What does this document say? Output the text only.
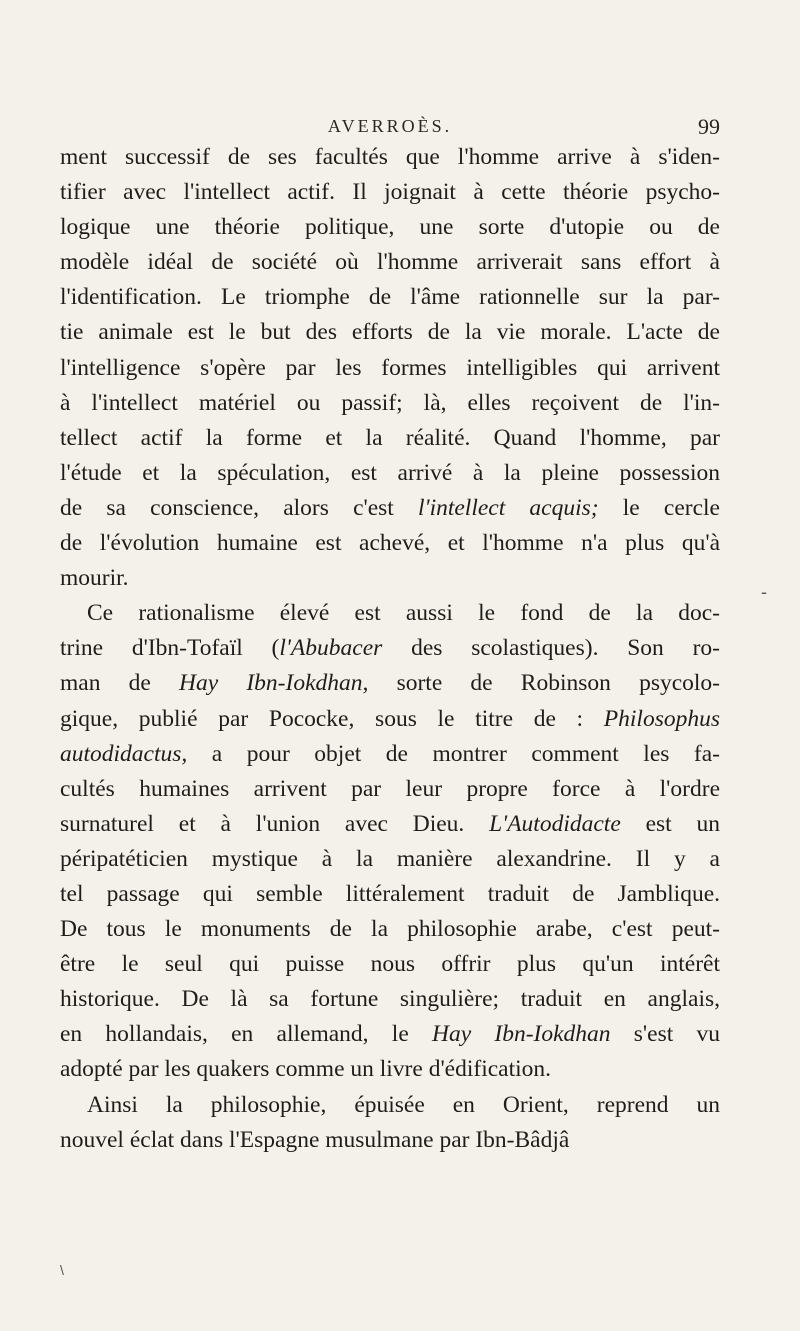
AVERROÈS.	99
ment successif de ses facultés que l'homme arrive à s'iden-
tifier avec l'intellect actif. Il joignait à cette théorie psycho-
logique une théorie politique, une sorte d'utopie ou de
modèle idéal de société où l'homme arriverait sans effort à
l'identification. Le triomphe de l'âme rationnelle sur la par-
tie animale est le but des efforts de la vie morale. L'acte de
l'intelligence s'opère par les formes intelligibles qui arrivent
à l'intellect matériel ou passif; là, elles reçoivent de l'in-
tellect actif la forme et la réalité. Quand l'homme, par
l'étude et la spéculation, est arrivé à la pleine possession
de sa conscience, alors c'est l'intellect acquis; le cercle
de l'évolution humaine est achevé, et l'homme n'a plus qu'à
mourir.
Ce rationalisme élevé est aussi le fond de la doc-
trine d'Ibn-Tofaïl (l'Abubacer des scolastiques). Son ro-
man de Hay Ibn-Iokdhan, sorte de Robinson psycolo-
gique, publié par Pococke, sous le titre de : Philosophus
autodidactus, a pour objet de montrer comment les fa-
cultés humaines arrivent par leur propre force à l'ordre
surnaturel et à l'union avec Dieu. L'Autodidacte est un
péripatéticien mystique à la manière alexandrine. Il y a
tel passage qui semble littéralement traduit de Jamblique.
De tous le monuments de la philosophie arabe, c'est peut-
être le seul qui puisse nous offrir plus qu'un intérêt
historique. De là sa fortune singulière; traduit en anglais,
en hollandais, en allemand, le Hay Ibn-Iokdhan s'est vu
adopté par les quakers comme un livre d'édification.
Ainsi la philosophie, épuisée en Orient, reprend un
nouvel éclat dans l'Espagne musulmane par Ibn-Bâdjâ
-
\
